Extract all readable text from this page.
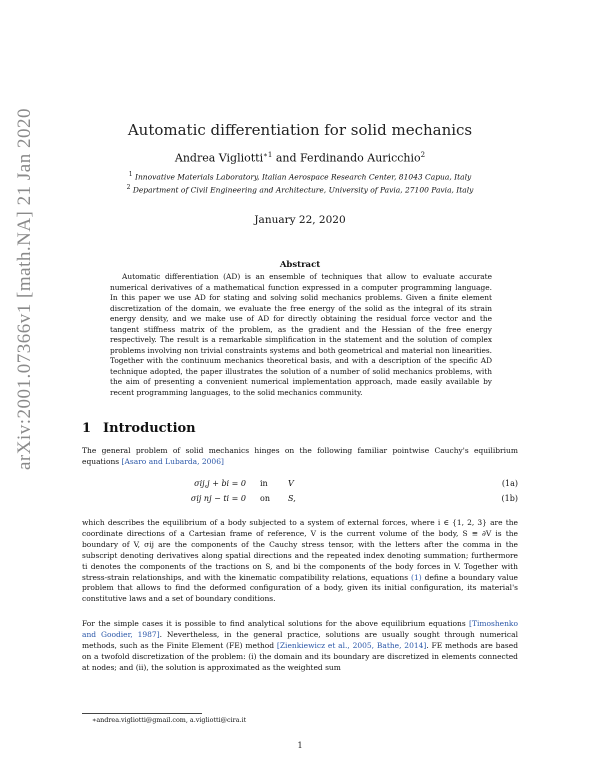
arXiv:2001.07366v1 [math.NA] 21 Jan 2020	Automatic differentiation for solid mechanics
Andrea Vigliotti$^{∗1}$ and Ferdinando Auricchio$^2$
$^1$ Innovative Materials Laboratory, Italian Aerospace Research Center, 81043 Capua, Italy
$^2$ Department of Civil Engineering and Architecture, University of Pavia, 27100 Pavia, Italy
January 22, 2020
Abstract

Automatic differentiation (AD) is an ensemble of techniques that allow to evaluate accurate numerical derivatives of a mathematical function expressed in a computer programming language. In this paper we use AD for stating and solving solid mechanics problems. Given a finite element discretization of the domain, we evaluate the free energy of the solid as the integral of its strain energy density, and we make use of AD for directly obtaining the residual force vector and the tangent stiffness matrix of the problem, as the gradient and the Hessian of the free energy respectively. The result is a remarkable simplification in the statement and the solution of complex problems involving non trivial constraints systems and both geometrical and material non linearities. Together with the continuum mechanics theoretical basis, and with a description of the specific AD technique adopted, the paper illustrates the solution of a number of solid mechanics problems, with the aim of presenting a convenient numerical implementation approach, made easily available by recent programming languages, to the solid mechanics community.

1 Introduction

The general problem of solid mechanics hinges on the following familiar pointwise Cauchy's equilibrium equations [Asaro and Lubarda, 2006]

σij,j + bi = 0 in	V	(1a)
σij nj − ti = 0 on S,	(1b)

which describes the equilibrium of a body subjected to a system of external forces, where i ∈ {1, 2, 3} are the coordinate directions of a Cartesian frame of reference, V is the current volume of the body, S ≡ ∂V is the boundary of V, σij are the components of the Cauchy stress tensor, with the letters after the comma in the subscript denoting derivatives along spatial directions and the repeated index denoting summation; furthermore ti denotes the components of the tractions on S, and bi the components of the body forces in V. Together with stress-strain relationships, and with the kinematic compatibility relations, equations (1) define a boundary value problem that allows to find the deformed configuration of a body, given its initial configuration, its material's constitutive laws and a set of boundary conditions.

For the simple cases it is possible to find analytical solutions for the above equilibrium equations [Timoshenko and Goodier, 1987]. Nevertheless, in the general practice, solutions are usually sought through numerical methods, such as the Finite Element (FE) method [Zienkiewicz et al., 2005, Bathe, 2014]. FE methods are based on a twofold discretization of the problem: (i) the domain and its boundary are discretized in elements connected at nodes; and (ii), the solution is approximated as the weighted sum

∗andrea.vigliotti@gmail.com, a.vigliotti@cira.it
1
